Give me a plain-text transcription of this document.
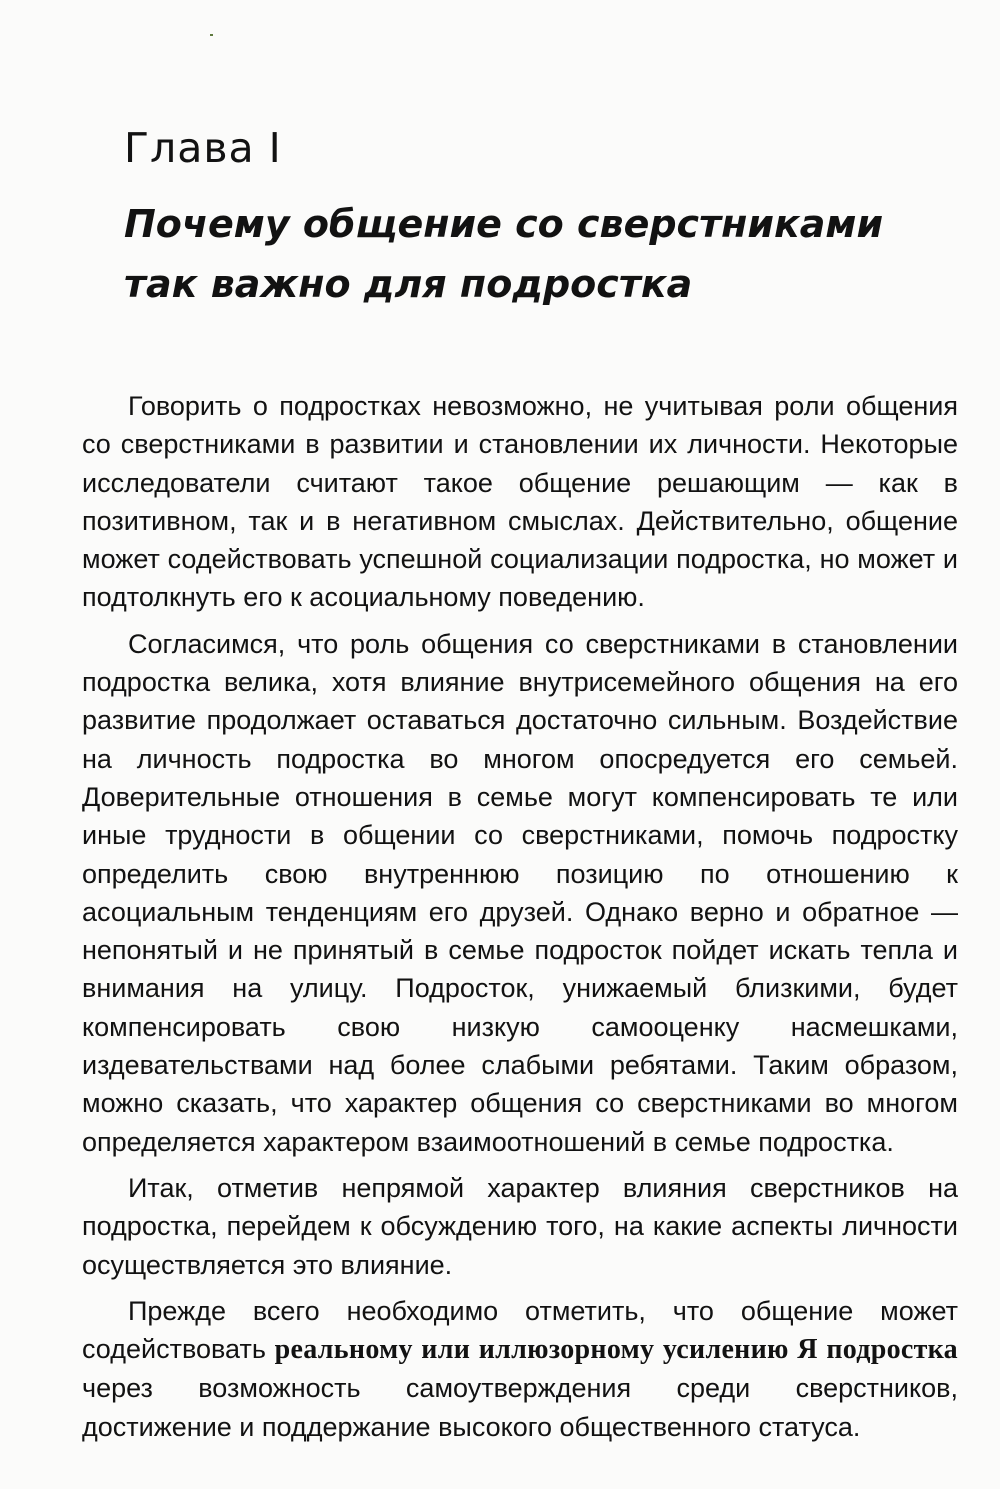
Глава I
Почему общение со сверстниками так важно для подростка

Говорить о подростках невозможно, не учитывая роли общения со сверстниками в развитии и становлении их личности. Некоторые исследователи считают такое общение решающим — как в позитивном, так и в негативном смыслах. Действительно, общение может содействовать успешной социализации подростка, но может и подтолкнуть его к асоциальному поведению.

Согласимся, что роль общения со сверстниками в становлении подростка велика, хотя влияние внутрисемейного общения на его развитие продолжает оставаться достаточно сильным. Воздействие на личность подростка во многом опосредуется его семьей. Доверительные отношения в семье могут компенсировать те или иные трудности в общении со сверстниками, помочь подростку определить свою внутреннюю позицию по отношению к асоциальным тенденциям его друзей. Однако верно и обратное — непонятый и не принятый в семье подросток пойдет искать тепла и внимания на улицу. Подросток, унижаемый близкими, будет компенсировать свою низкую самооценку насмешками, издевательствами над более слабыми ребятами. Таким образом, можно сказать, что характер общения со сверстниками во многом определяется характером взаимоотношений в семье подростка.

Итак, отметив непрямой характер влияния сверстников на подростка, перейдем к обсуждению того, на какие аспекты личности осуществляется это влияние.

Прежде всего необходимо отметить, что общение может содействовать реальному или иллюзорному усилению Я подростка через возможность самоутверждения среди сверстников, достижение и поддержание высокого общественного статуса.
